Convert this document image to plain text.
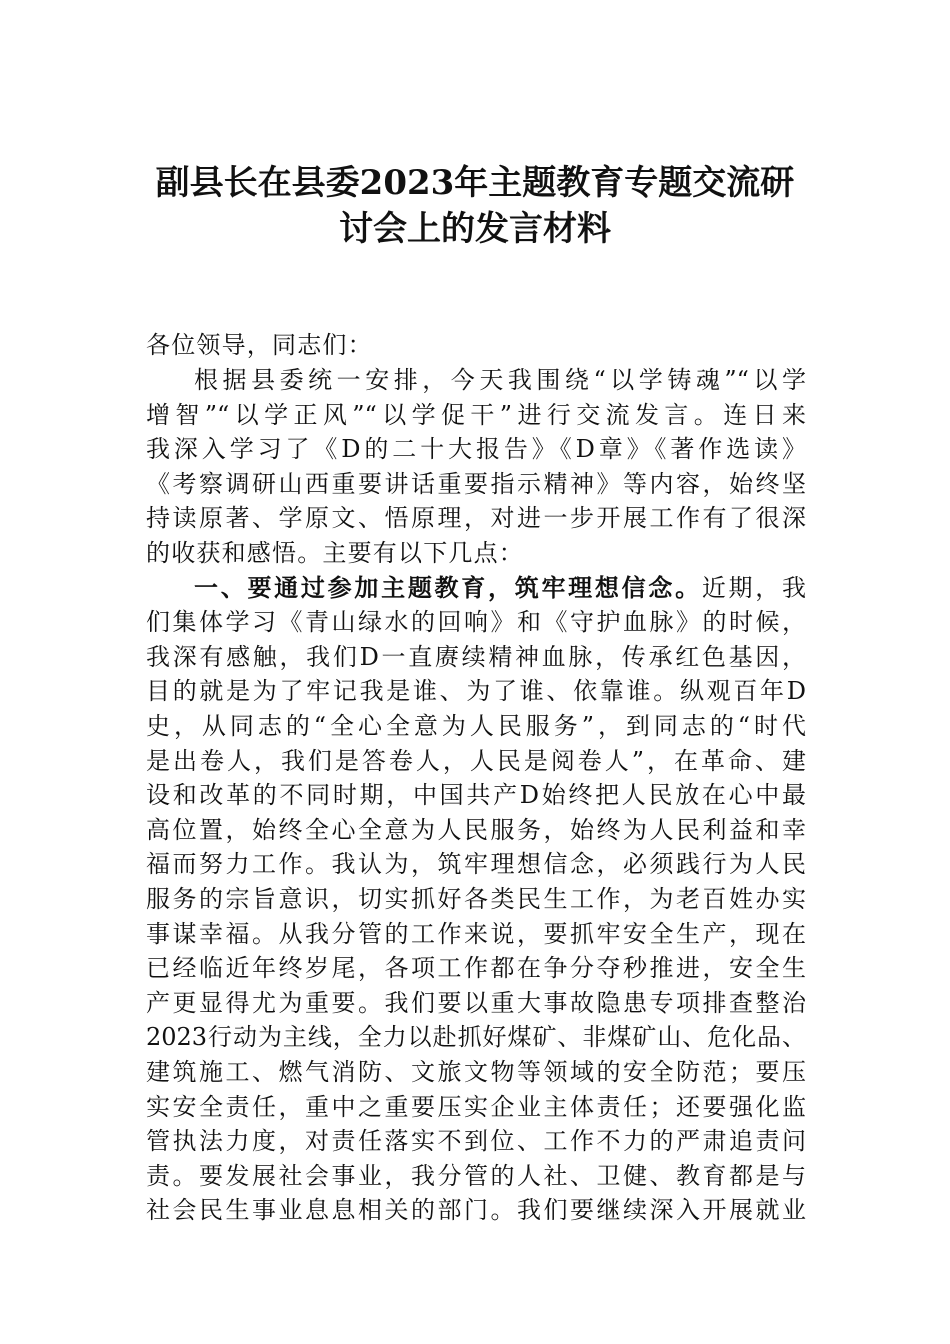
副县长在县委2023年主题教育专题交流研
讨会上的发言材料
各位领导，同志们：
根据县委统一安排，今天我围绕“以学铸魂”“以学
增智”“以学正风”“以学促干”进行交流发言。连日来
我深入学习了《D的二十大报告》《D章》《著作选读》
《考察调研山西重要讲话重要指示精神》等内容，始终坚
持读原著、学原文、悟原理，对进一步开展工作有了很深
的收获和感悟。主要有以下几点：
一、要通过参加主题教育，筑牢理想信念。近期，我
们集体学习《青山绿水的回响》和《守护血脉》的时候，
我深有感触，我们D一直赓续精神血脉，传承红色基因，
目的就是为了牢记我是谁、为了谁、依靠谁。纵观百年D
史，从同志的“全心全意为人民服务”，到同志的“时代
是出卷人，我们是答卷人，人民是阅卷人”，在革命、建
设和改革的不同时期，中国共产D始终把人民放在心中最
高位置，始终全心全意为人民服务，始终为人民利益和幸
福而努力工作。我认为，筑牢理想信念，必须践行为人民
服务的宗旨意识，切实抓好各类民生工作，为老百姓办实
事谋幸福。从我分管的工作来说，要抓牢安全生产，现在
已经临近年终岁尾，各项工作都在争分夺秒推进，安全生
产更显得尤为重要。我们要以重大事故隐患专项排查整治
2023行动为主线，全力以赴抓好煤矿、非煤矿山、危化品、
建筑施工、燃气消防、文旅文物等领域的安全防范；要压
实安全责任，重中之重要压实企业主体责任；还要强化监
管执法力度，对责任落实不到位、工作不力的严肃追责问
责。要发展社会事业，我分管的人社、卫健、教育都是与
社会民生事业息息相关的部门。我们要继续深入开展就业
